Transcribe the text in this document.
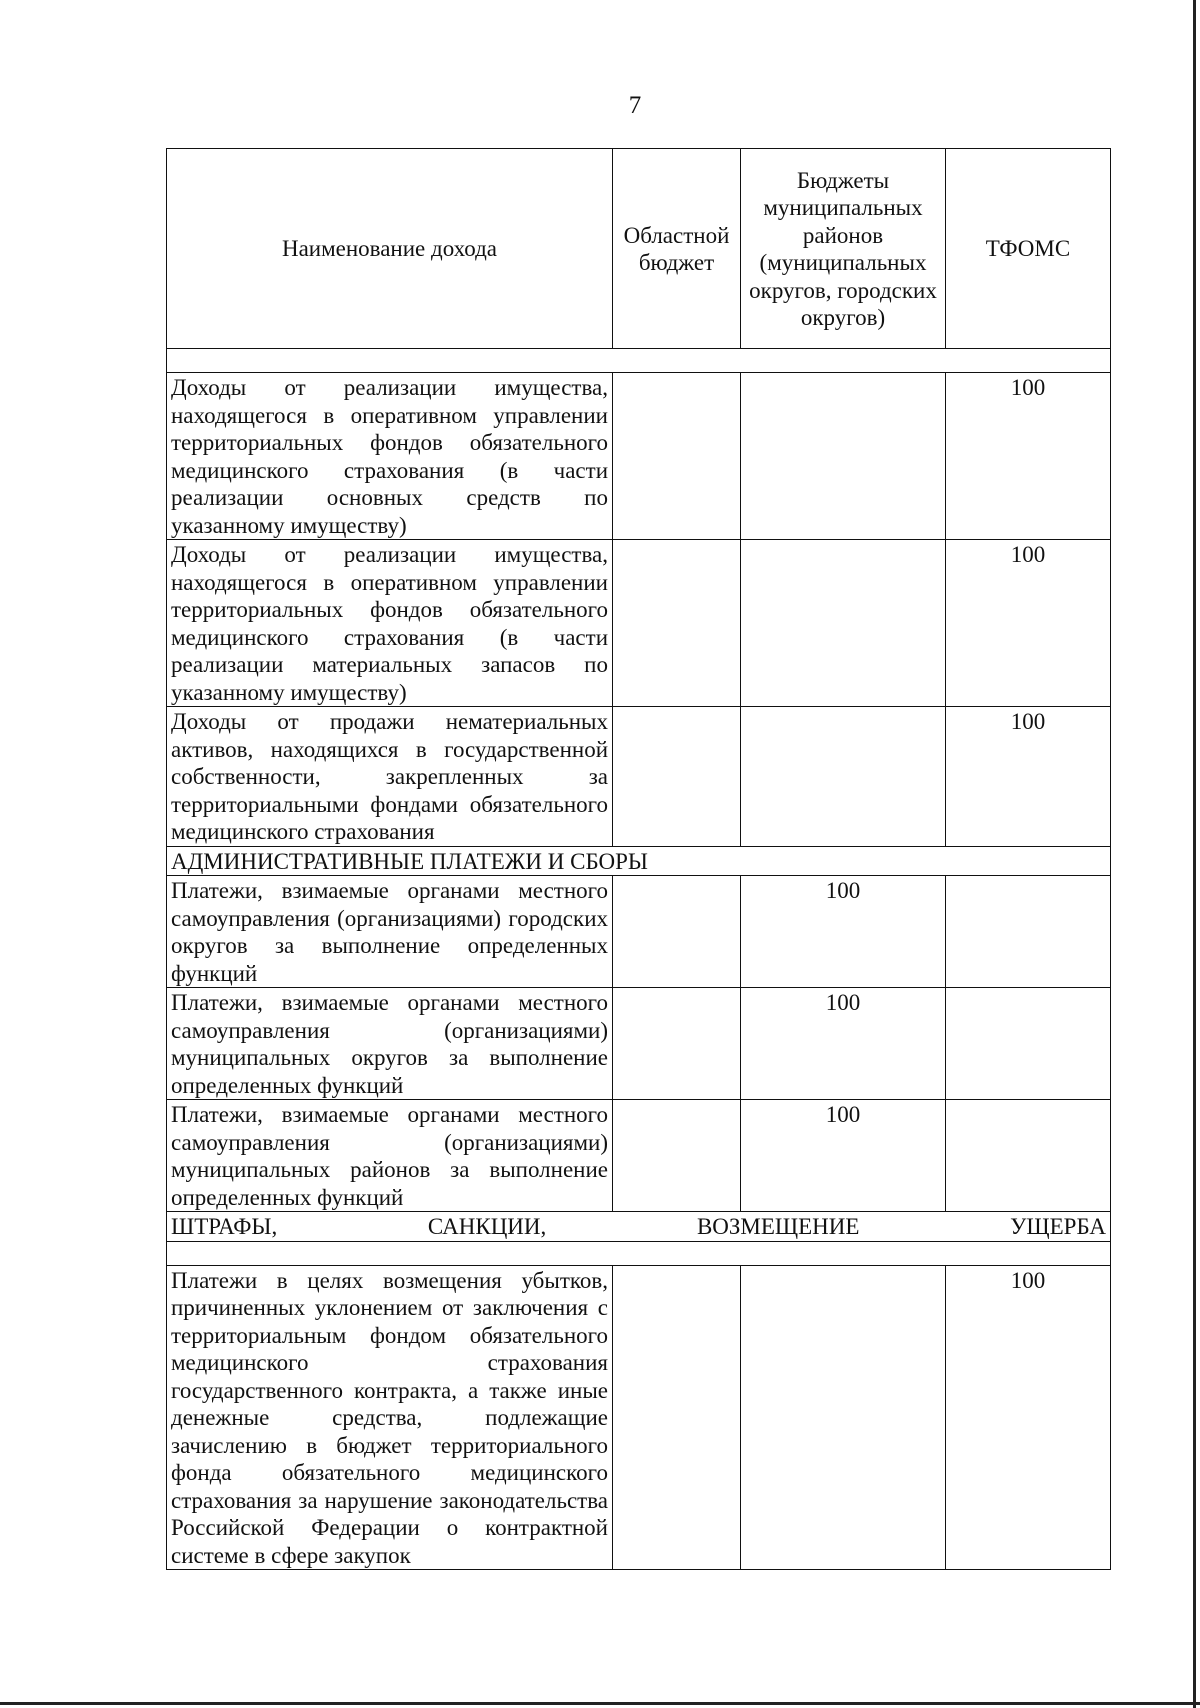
7
Наименование дохода	Областной бюджет	Бюджеты муниципальных районов (муниципальных округов, городских округов)	ТФОМС

Доходы от реализации имущества, находящегося в оперативном управлении территориальных фондов обязательного медицинского страхования (в части реализации основных средств по указанному имуществу)			100
Доходы от реализации имущества, находящегося в оперативном управлении территориальных фондов обязательного медицинского страхования (в части реализации материальных запасов по указанному имуществу)			100
Доходы от продажи нематериальных активов, находящихся в государственной собственности, закрепленных за территориальными фондами обязательного медицинского страхования			100
АДМИНИСТРАТИВНЫЕ ПЛАТЕЖИ И СБОРЫ			
Платежи, взимаемые органами местного самоуправления (организациями) городских округов за выполнение определенных функций		100	
Платежи, взимаемые органами местного самоуправления (организациями) муниципальных округов за выполнение определенных функций		100	
Платежи, взимаемые органами местного самоуправления (организациями) муниципальных районов за выполнение определенных функций		100	
ШТРАФЫ, САНКЦИИ, ВОЗМЕЩЕНИЕ УЩЕРБА			

Платежи в целях возмещения убытков, причиненных уклонением от заключения с территориальным фондом обязательного медицинского страхования государственного контракта, а также иные денежные средства, подлежащие зачислению в бюджет территориального фонда обязательного медицинского страхования за нарушение законодательства Российской Федерации о контрактной системе в сфере закупок			100
